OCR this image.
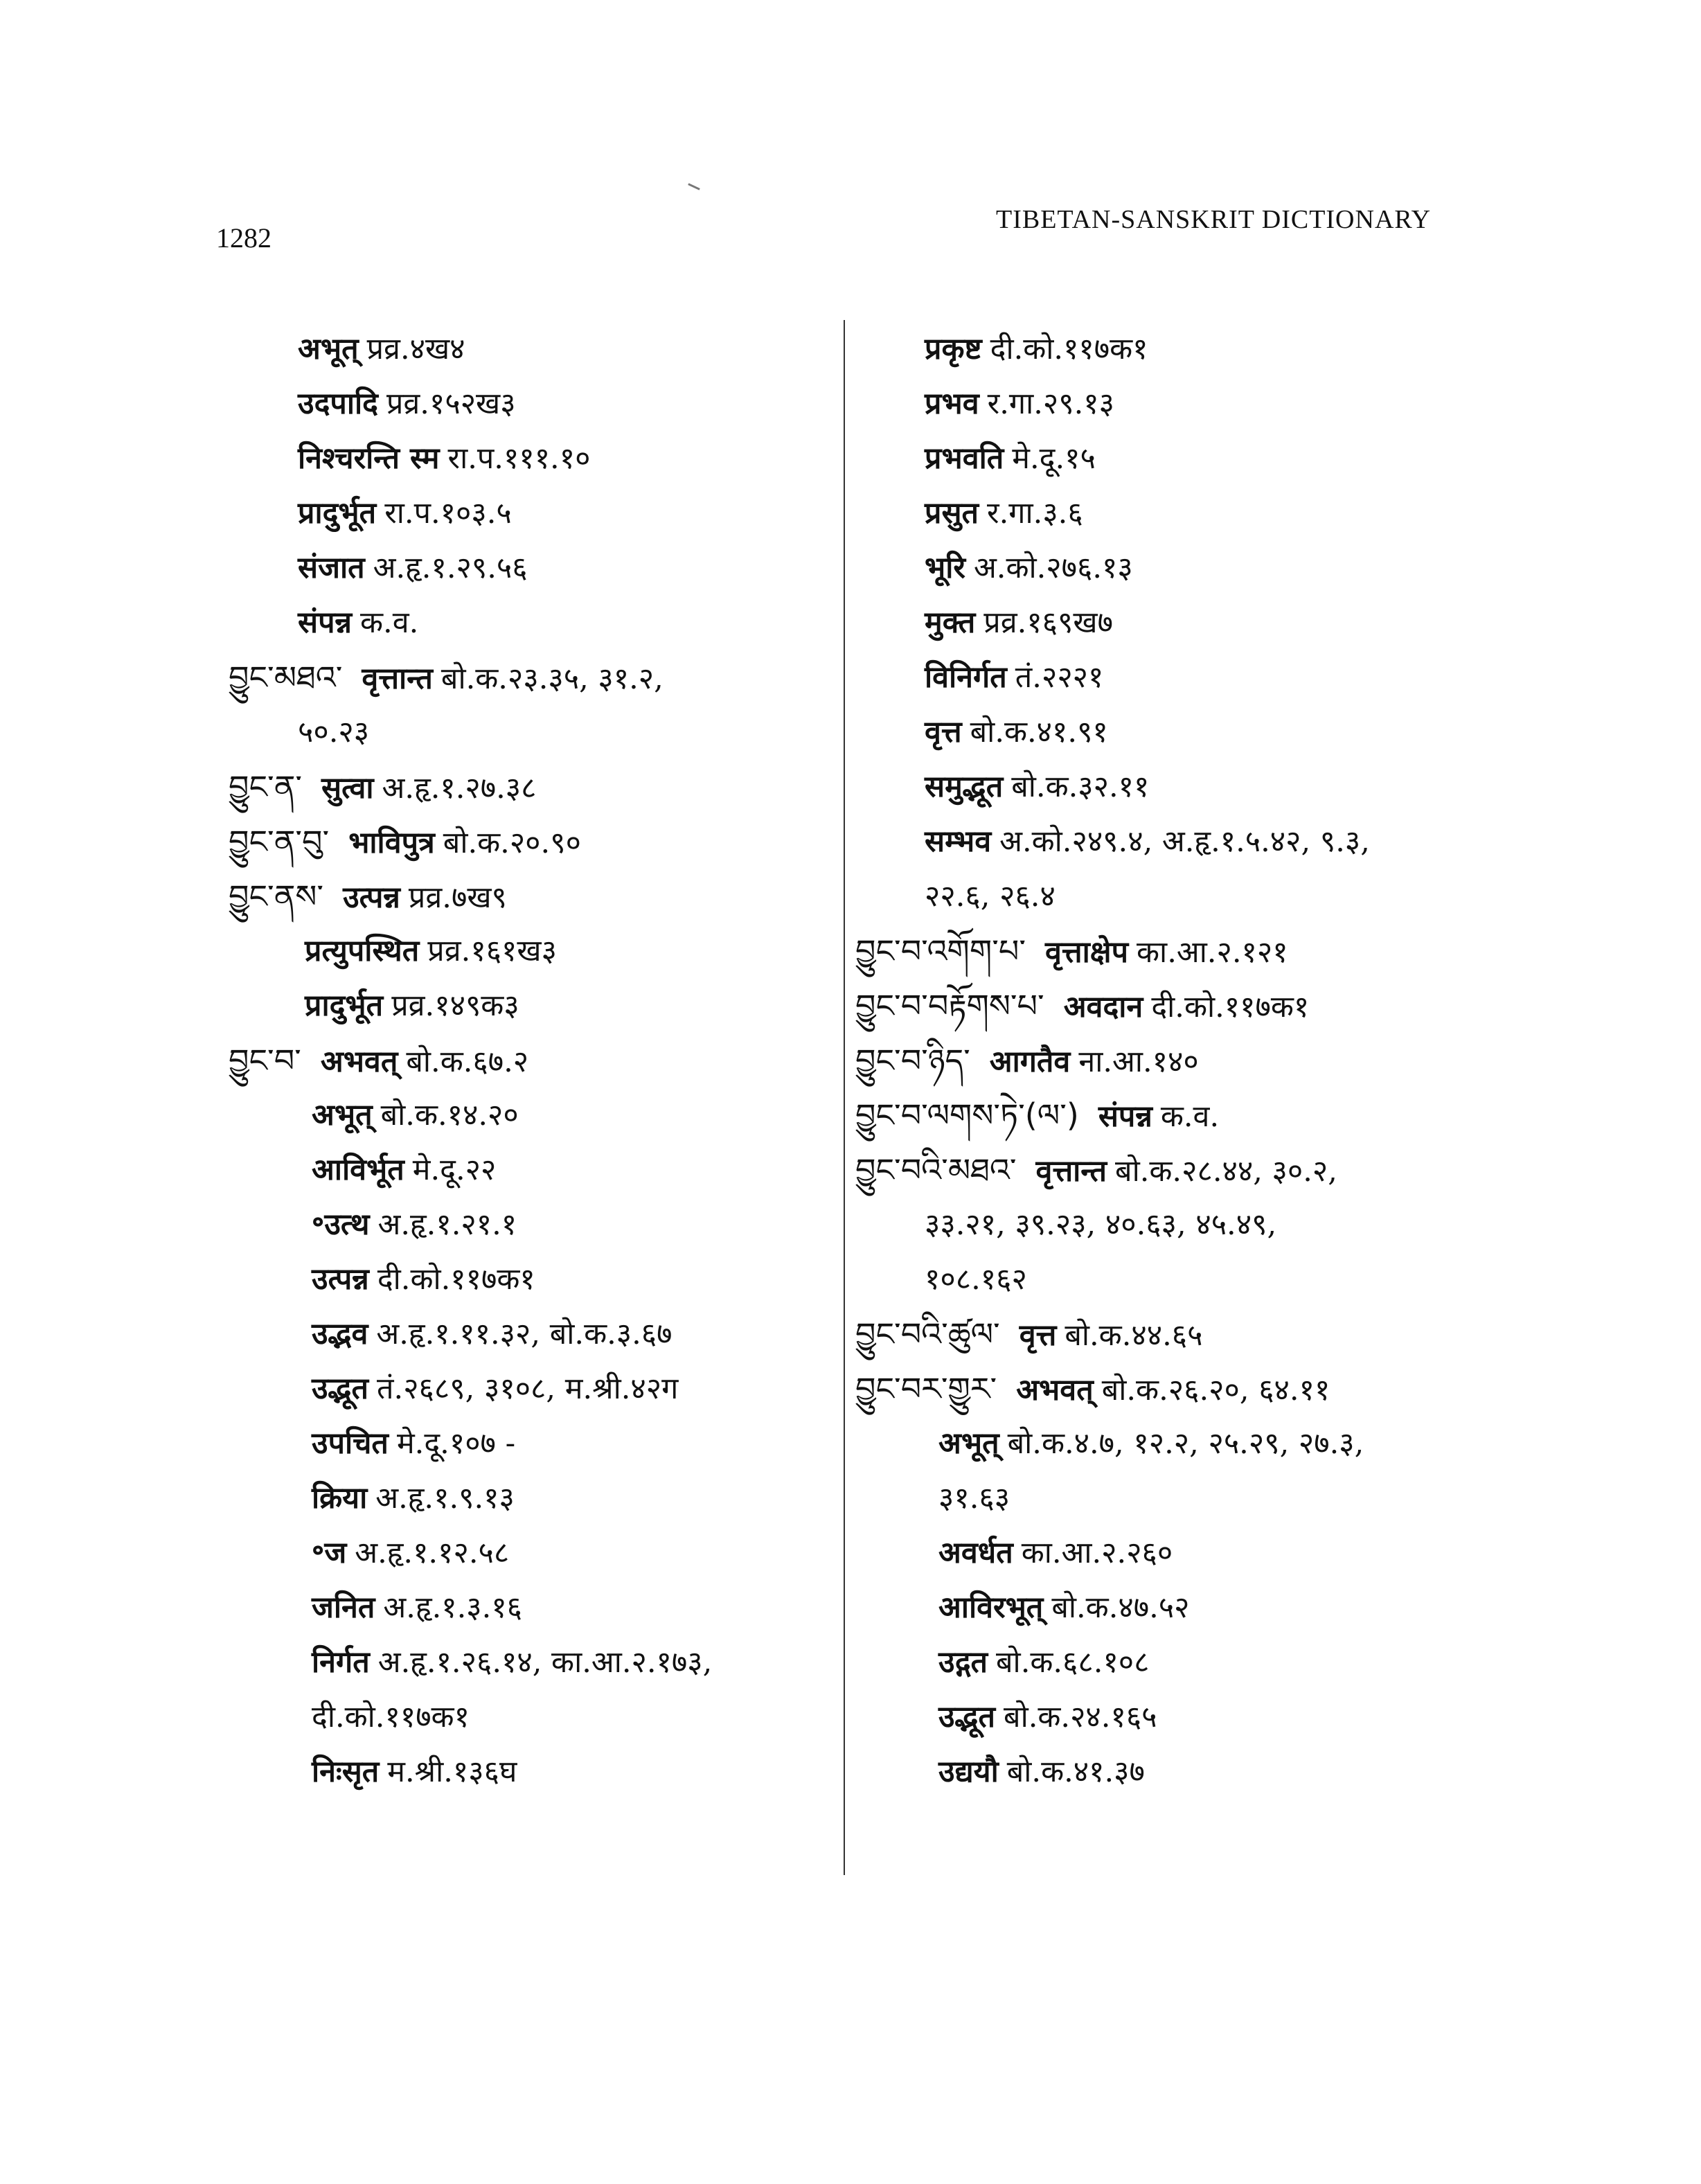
1282
TIBETAN-SANSKRIT DICTIONARY
अभूत् प्रव्र.४ख४
उदपादि प्रव्र.१५२ख३
निश्चरन्ति स्म रा.प.१११.१०
प्रादुर्भूत रा.प.१०३.५
संजात अ.हृ.१.२९.५६
संपन्न क.व.
བྱུང་མཐའ་ वृत्तान्त बो.क.२३.३५, ३१.२,
५०.२३
བྱུང་ན་ सुत्वा अ.हृ.१.२७.३८
བྱུང་ན་བུ་ भाविपुत्र बो.क.२०.९०
བྱུང་ནས་ उत्पन्न प्रव्र.७ख९
प्रत्युपस्थित प्रव्र.१६१ख३
प्रादुर्भूत प्रव्र.१४९क३
བྱུང་བ་ अभवत् बो.क.६७.२
अभूत् बो.क.१४.२०
आविर्भूत मे.दू.२२
॰उत्थ अ.हृ.१.२१.१
उत्पन्न दी.को.११७क१
उद्भव अ.हृ.१.११.३२, बो.क.३.६७
उद्भूत तं.२६८९, ३१०८, म.श्री.४२ग
उपचित मे.दू.१०७ -
क्रिया अ.हृ.१.९.१३
॰ज अ.हृ.१.१२.५८
जनित अ.हृ.१.३.१६
निर्गत अ.हृ.१.२६.१४, का.आ.२.१७३,
दी.को.११७क१
निःसृत म.श्री.१३६घ
प्रकृष्ट दी.को.११७क१
प्रभव र.गा.२९.१३
प्रभवति मे.दू.१५
प्रसुत र.गा.३.६
भूरि अ.को.२७६.१३
मुक्त प्रव्र.१६९ख७
विनिर्गत तं.२२२१
वृत्त बो.क.४१.९१
समुद्भूत बो.क.३२.११
सम्भव अ.को.२४९.४, अ.हृ.१.५.४२, ९.३,
२२.६, २६.४
བྱུང་བ་འགོག་པ་ वृत्ताक्षेप का.आ.२.१२१
བྱུང་བ་བརྟོགས་པ་ अवदान दी.को.११७क१
བྱུང་བ་ཉིད་ आगतैव ना.आ.१४०
བྱུང་བ་ལགས་ཏེ་(ལ་) संपन्न क.व.
བྱུང་བའི་མཐའ་ वृत्तान्त बो.क.२८.४४, ३०.२,
३३.२१, ३९.२३, ४०.६३, ४५.४९,
१०८.१६२
བྱུང་བའི་ཚུལ་ वृत्त बो.क.४४.६५
བྱུང་བར་གྱུར་ अभवत् बो.क.२६.२०, ६४.११
अभूत् बो.क.४.७, १२.२, २५.२९, २७.३,
३१.६३
अवर्धत का.आ.२.२६०
आविरभूत् बो.क.४७.५२
उद्गत बो.क.६८.१०८
उद्भूत बो.क.२४.१६५
उद्ययौ बो.क.४१.३७
